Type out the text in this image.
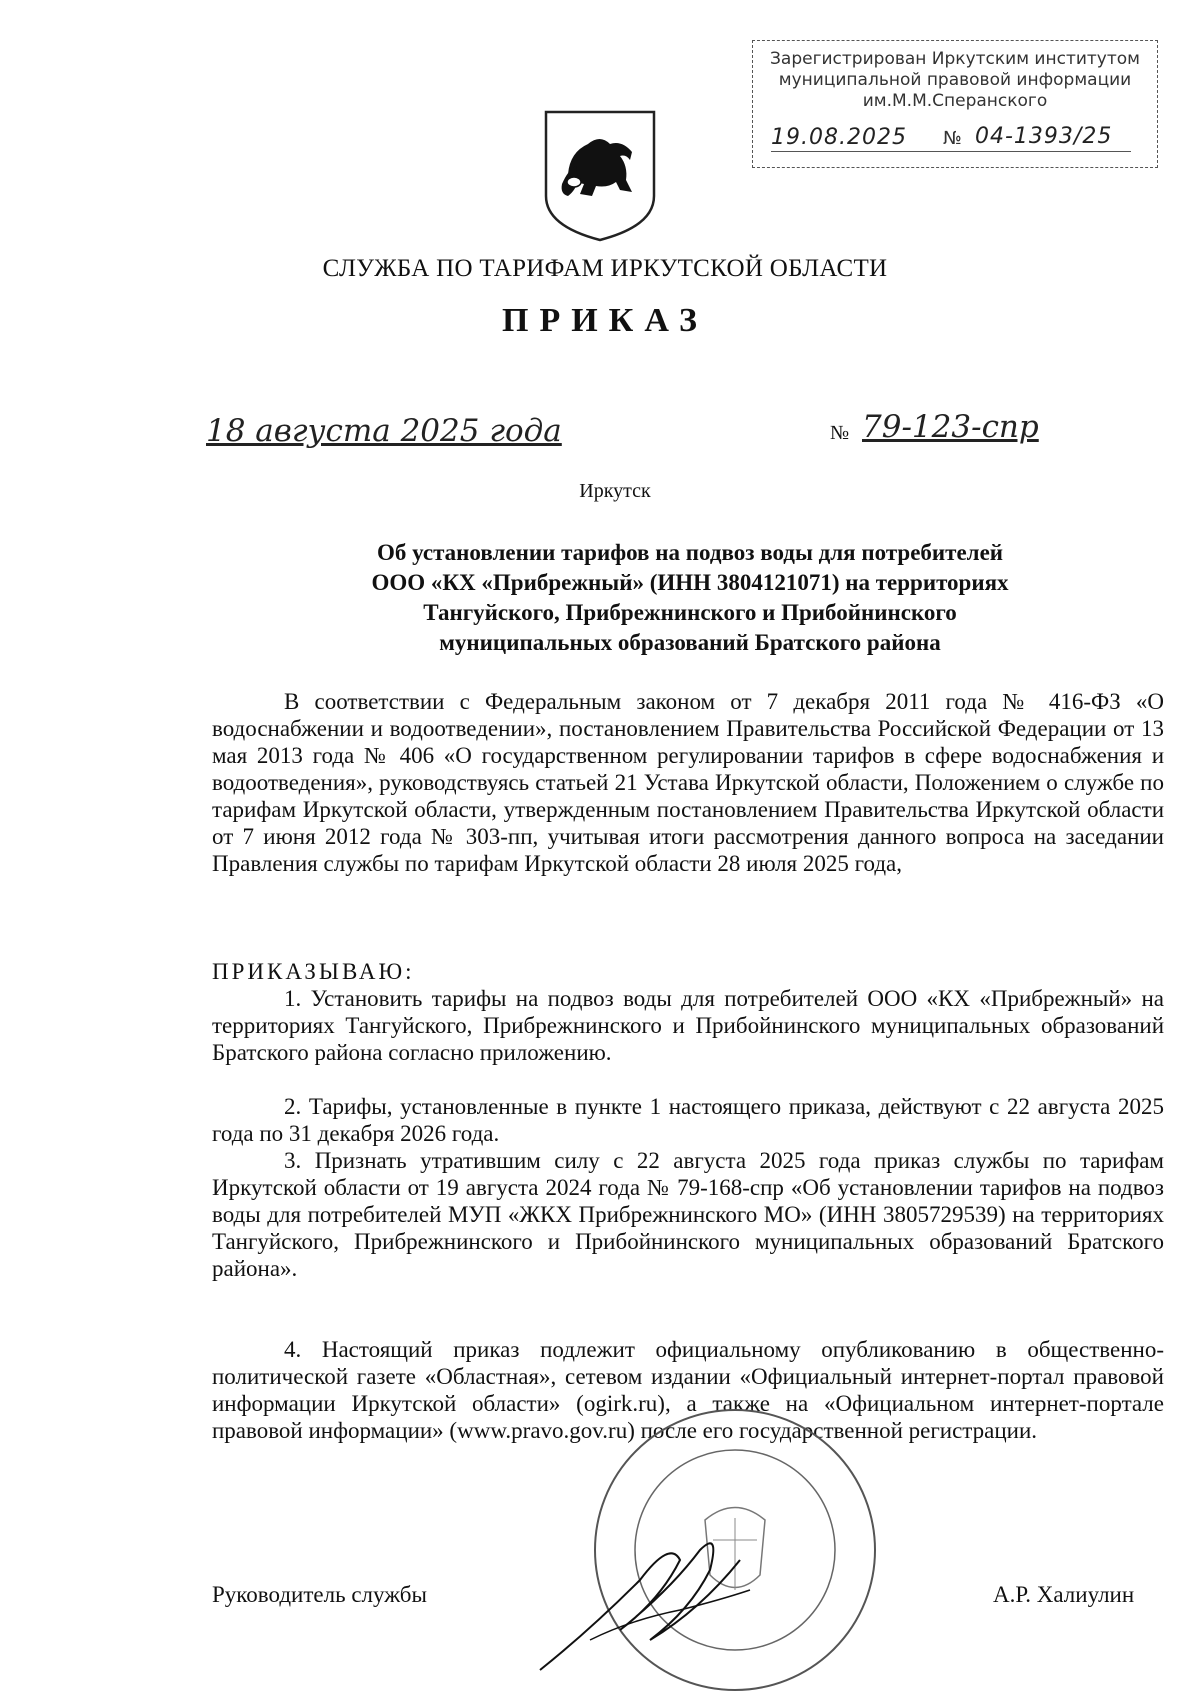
Зарегистрирован Иркутским институтом
муниципальной правовой информации
им.М.М.Сперанского
19.08.2025 № 04-1393/25
СЛУЖБА ПО ТАРИФАМ ИРКУТСКОЙ ОБЛАСТИ
ПРИКАЗ
18 августа 2025 года	№ 79-123-спр
Иркутск
Об установлении тарифов на подвоз воды для потребителей
ООО «КХ «Прибрежный» (ИНН 3804121071) на территориях
Тангуйского, Прибрежнинского и Прибойнинского
муниципальных образований Братского района
В соответствии с Федеральным законом от 7 декабря 2011 года № 416-ФЗ «О водоснабжении и водоотведении», постановлением Правительства Российской Федерации от 13 мая 2013 года № 406 «О государственном регулировании тарифов в сфере водоснабжения и водоотведения», руководствуясь статьей 21 Устава Иркутской области, Положением о службе по тарифам Иркутской области, утвержденным постановлением Правительства Иркутской области от 7 июня 2012 года № 303-пп, учитывая итоги рассмотрения данного вопроса на заседании Правления службы по тарифам Иркутской области 28 июля 2025 года,
ПРИКАЗЫВАЮ:
1. Установить тарифы на подвоз воды для потребителей ООО «КХ «Прибрежный» на территориях Тангуйского, Прибрежнинского и Прибойнинского муниципальных образований Братского района согласно приложению.
2. Тарифы, установленные в пункте 1 настоящего приказа, действуют с 22 августа 2025 года по 31 декабря 2026 года.
3. Признать утратившим силу с 22 августа 2025 года приказ службы по тарифам Иркутской области от 19 августа 2024 года № 79-168-спр «Об установлении тарифов на подвоз воды для потребителей МУП «ЖКХ Прибрежнинского МО» (ИНН 3805729539) на территориях Тангуйского, Прибрежнинского и Прибойнинского муниципальных образований Братского района».
4. Настоящий приказ подлежит официальному опубликованию в общественно-политической газете «Областная», сетевом издании «Официальный интернет-портал правовой информации Иркутской области» (ogirk.ru), а также на «Официальном интернет-портале правовой информации» (www.pravo.gov.ru) после его государственной регистрации.
Руководитель службы	А.Р. Халиулин
